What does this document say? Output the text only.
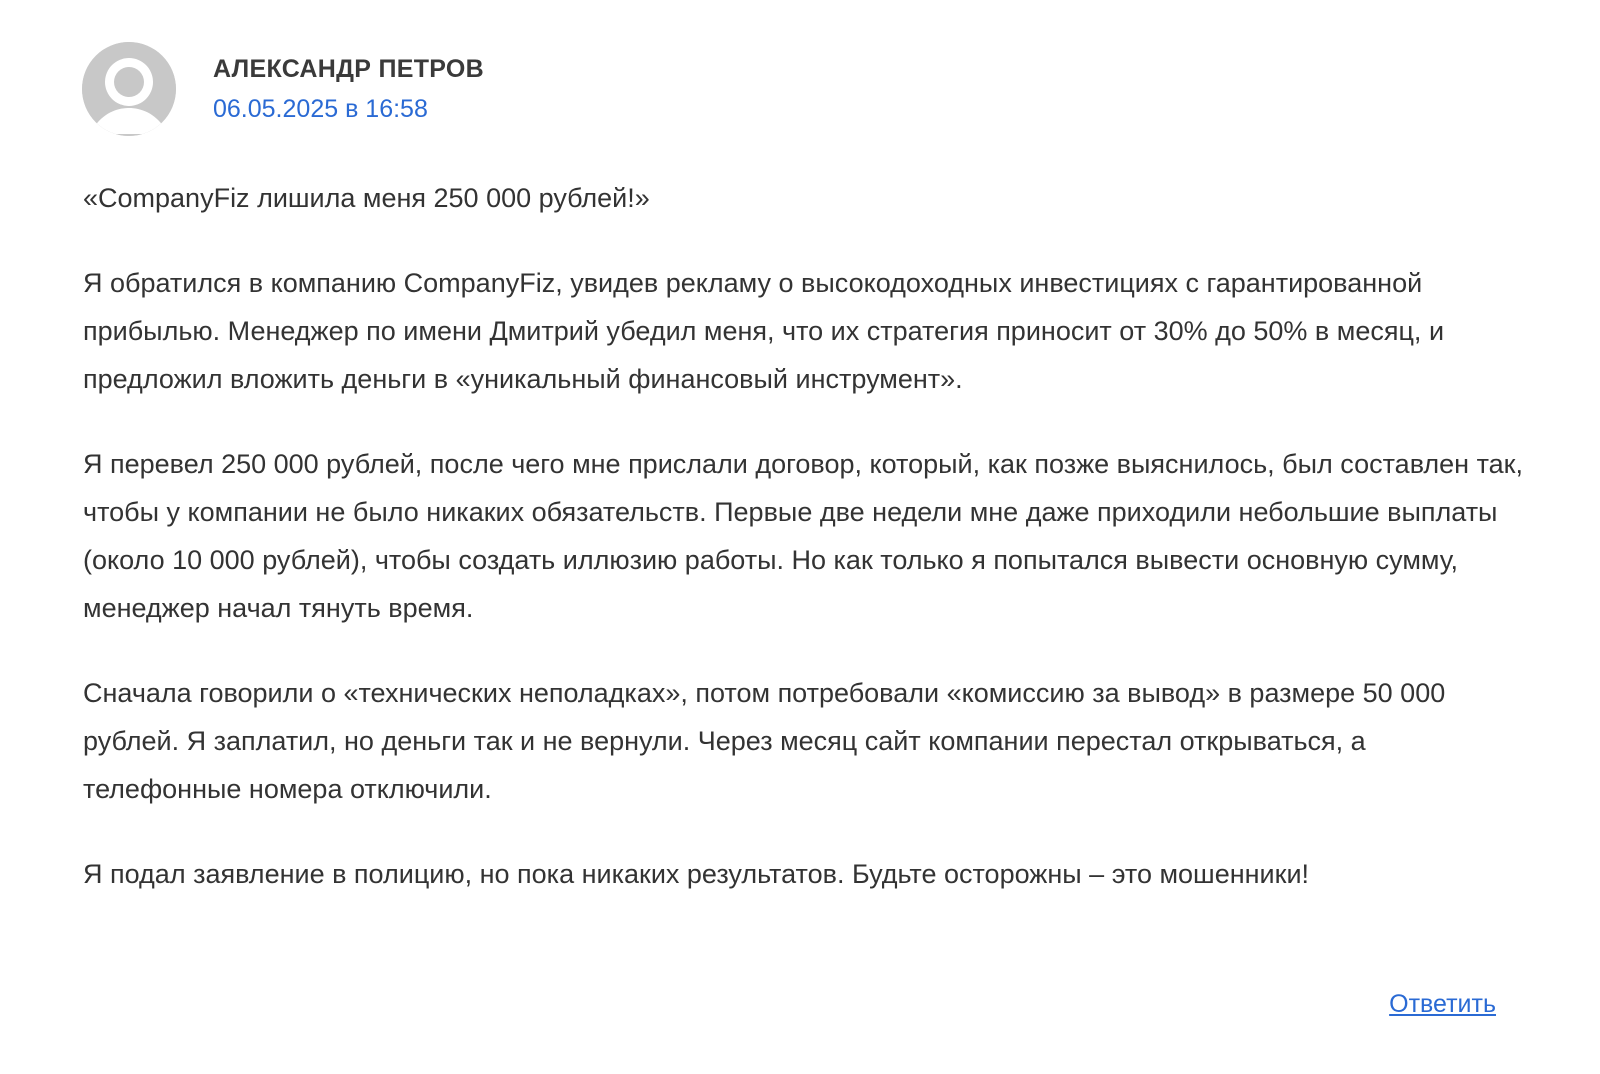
АЛЕКСАНДР ПЕТРОВ
06.05.2025 в 16:58

«CompanyFiz лишила меня 250 000 рублей!»

Я обратился в компанию CompanyFiz, увидев рекламу о высокодоходных инвестициях с гарантированной прибылью. Менеджер по имени Дмитрий убедил меня, что их стратегия приносит от 30% до 50% в месяц, и предложил вложить деньги в «уникальный финансовый инструмент».

Я перевел 250 000 рублей, после чего мне прислали договор, который, как позже выяснилось, был составлен так, чтобы у компании не было никаких обязательств. Первые две недели мне даже приходили небольшие выплаты (около 10 000 рублей), чтобы создать иллюзию работы. Но как только я попытался вывести основную сумму, менеджер начал тянуть время.

Сначала говорили о «технических неполадках», потом потребовали «комиссию за вывод» в размере 50 000 рублей. Я заплатил, но деньги так и не вернули. Через месяц сайт компании перестал открываться, а телефонные номера отключили.

Я подал заявление в полицию, но пока никаких результатов. Будьте осторожны – это мошенники!

Ответить
